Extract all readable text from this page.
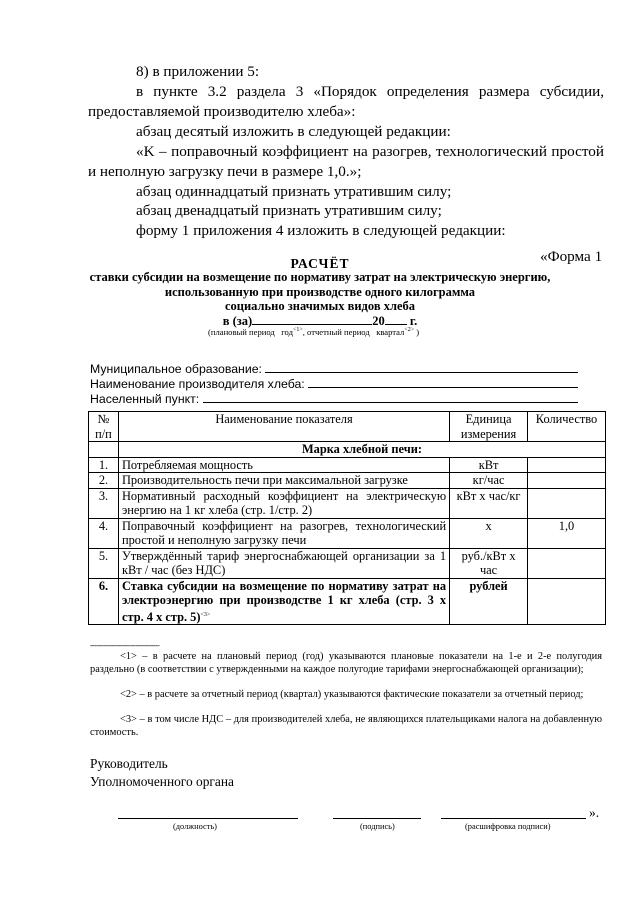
8) в приложении 5:
в пункте 3.2 раздела 3 «Порядок определения размера субсидии,
предоставляемой производителю хлеба»:
абзац десятый изложить в следующей редакции:
«K – поправочный коэффициент на разогрев, технологический простой
и неполную загрузку печи в размере 1,0.»;
абзац одиннадцатый признать утратившим силу;
абзац двенадцатый признать утратившим силу;
форму 1 приложения 4 изложить в следующей редакции:
«Форма 1
РАСЧЁТ
ставки субсидии на возмещение по нормативу затрат на электрическую энергию,
использованную при производстве одного килограмма
социально значимых видов хлеба
в (за)	20 г.
(плановый период год$^{<1>}$, отчетный период квартал$^{<2>}$ )
Муниципальное образование:
Наименование производителя хлеба:
Населенный пункт:
№
п/п	Наименование показателя	Единица измерения	Количество
	Марка хлебной печи:		
1.	Потребляемая мощность	кВт	
2.	Производительность печи при максимальной загрузке	кг/час	
3.	Нормативный расходный коэффициент на электрическую энергию на 1 кг хлеба (стр. 1/стр. 2)	кВт х час/кг	
4.	Поправочный коэффициент на разогрев, технологический простой и неполную загрузку печи	x	1,0
5.	Утверждённый тариф энергоснабжающей организации за 1 кВт / час (без НДС)	руб./кВт х час	
6.	Ставка субсидии на возмещение по нормативу затрат на электроэнергию при производстве 1 кг хлеба (стр. 3 х стр. 4 х стр. 5)$^{<3>}$	рублей	
--------------------------------
<1> – в расчете на плановый период (год) указываются плановые показатели на 1-е и 2-е полугодия раздельно (в соответствии с утвержденными на каждое полугодие тарифами энергоснабжающей организации);
<2> – в расчете за отчетный период (квартал) указываются фактические показатели за отчетный период;
<3> – в том числе НДС – для производителей хлеба, не являющихся плательщиками налога на добавленную стоимость.
Руководитель
Уполномоченного органа
».
(должность)	(подпись)	(расшифровка подписи)
